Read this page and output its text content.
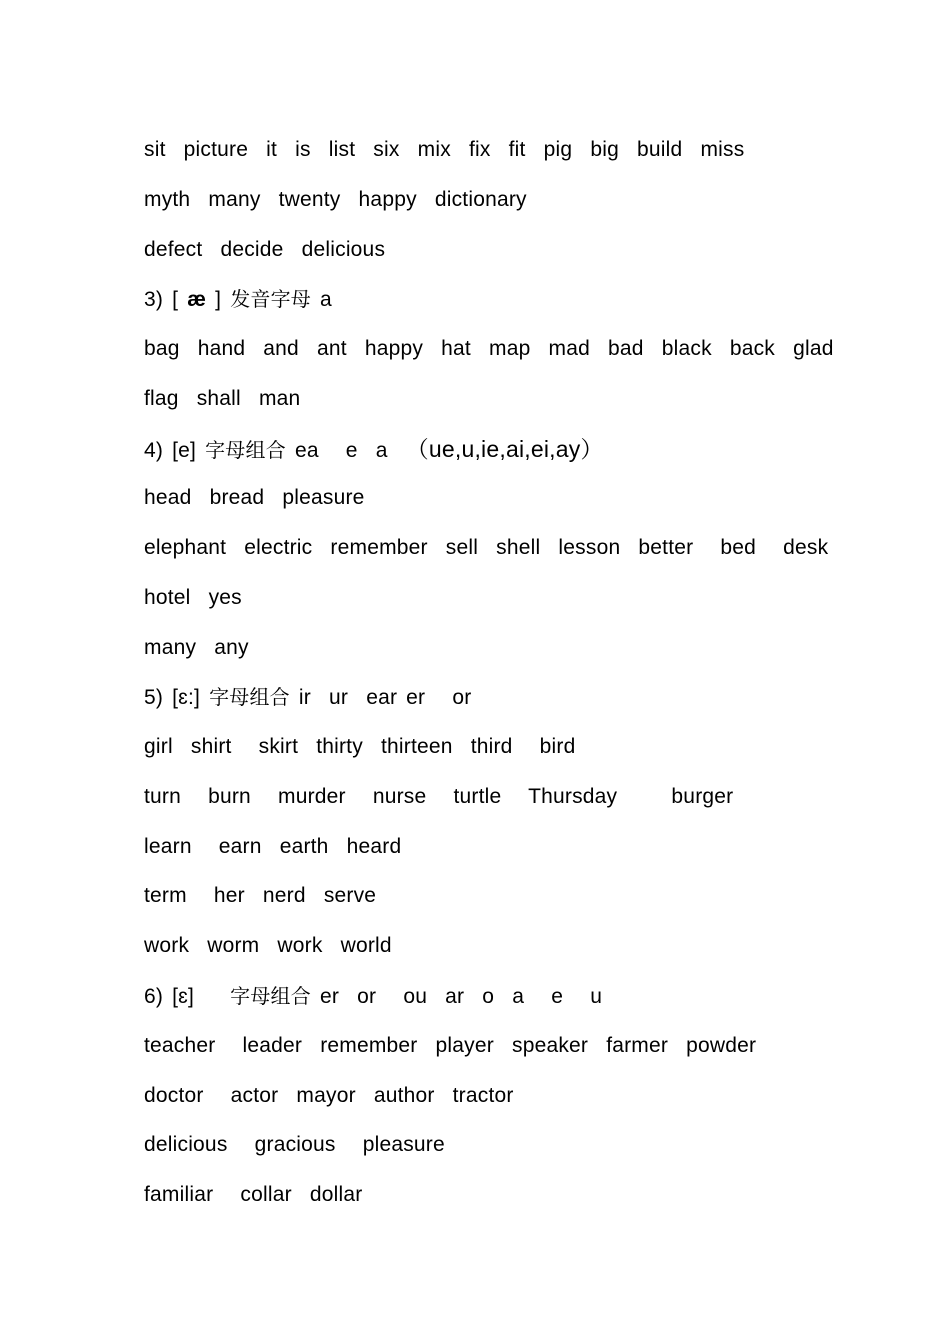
sit  picture  it  is  list  six  mix  fix  fit  pig  big  build  miss
myth  many  twenty  happy  dictionary
defect  decide  delicious
3) [ æ ] 发音字母 a
bag  hand  and  ant  happy  hat  map  mad  bad  black  back  glad
flag  shall  man
4) [e] 字母组合 ea   e  a  （ue,u,ie,ai,ei,ay）
head  bread  pleasure
elephant  electric  remember  sell  shell  lesson  better   bed   desk
hotel  yes
many  any
5) [ɛ:] 字母组合 ir  ur  ear er   or
girl  shirt   skirt  thirty  thirteen  third   bird
turn   burn   murder   nurse   turtle   Thursday      burger
learn   earn  earth  heard
term   her  nerd  serve
work  worm  work  world
6) [ɛ]    字母组合 er  or   ou  ar  o  a   e   u
teacher   leader  remember  player  speaker  farmer  powder
doctor   actor  mayor  author  tractor
delicious   gracious   pleasure
familiar   collar  dollar
